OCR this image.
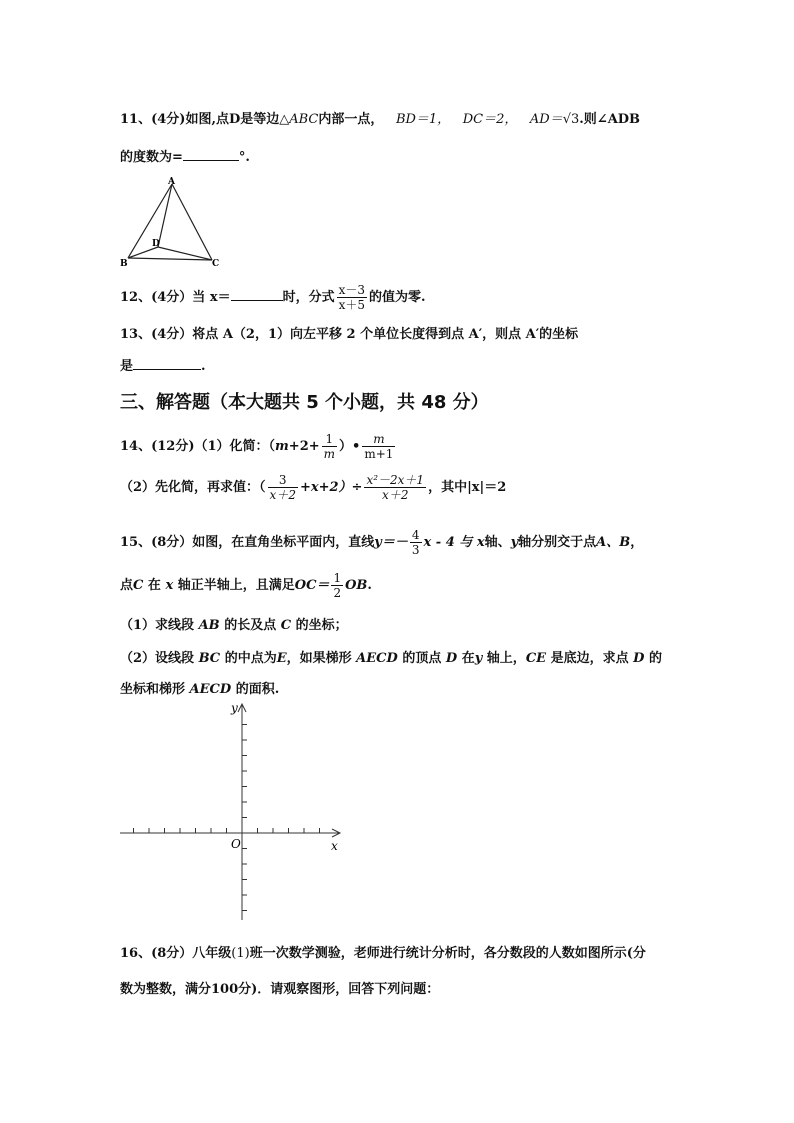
11、(4分)如图,点D是等边△ABC内部一点， BD＝1， DC＝2， AD＝√3.则∠ADB
的度数为=	°.
A
B	C
D
12、(4分）当 x＝	时，分式 $\frac{x-3}{x+5}$ 的值为零.
13、(4分）将点 A（2，1）向左平移 2 个单位长度得到点 A′，则点 A′的坐标
是	.
三、解答题（本大题共 5 个小题，共 48 分）
14、(12分)（1）化简：（$m+2+ \frac{1}{m}$ ）• $\frac{m}{m+1}$
（2）先化简，再求值：（ $\frac{3}{x+2} +x+2)\div \frac{\text{x²－2x＋1}}{x+2}$ ，其中|x|＝2
15、(8分）如图，在直角坐标平面内，直线$y=- \frac{4}{3}$ x - 4 与 x轴、y轴分别交于点A、B，
点C 在 x 轴正半轴上，且满足$OC= \frac{1}{2}$ OB.
（1）求线段 AB 的长及点 C 的坐标；
（2）设线段 BC 的中点为E，如果梯形 AECD 的顶点 D 在y 轴上，CE 是底边，求点 D 的
坐标和梯形 AECD 的面积.
y
x
O
16、(8分）八年级(1)班一次数学测验，老师进行统计分析时，各分数段的人数如图所示(分
数为整数，满分100分)．请观察图形，回答下列问题：
